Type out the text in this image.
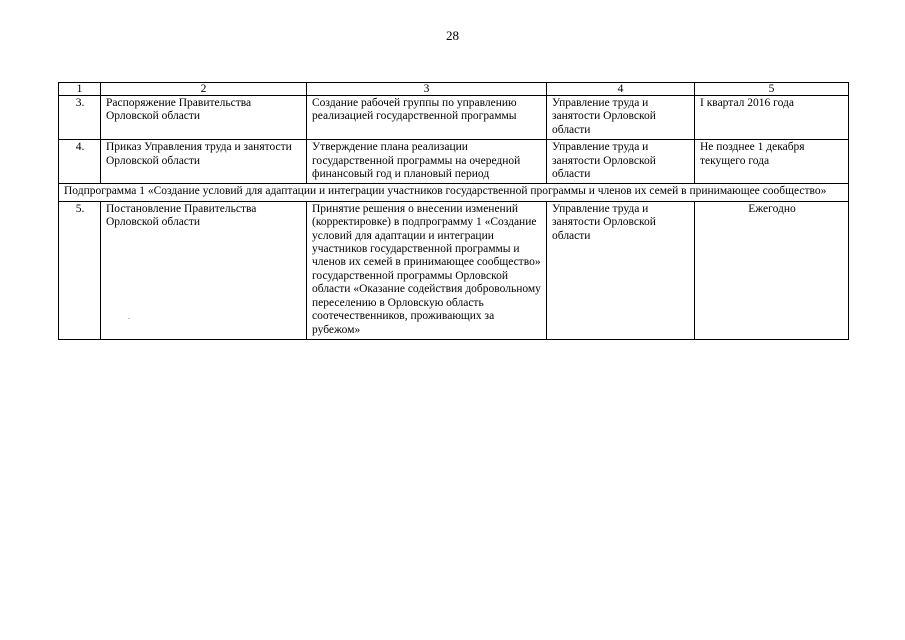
28
1	2	3	4	5
3.	Распоряжение Правительства Орловской области	Создание рабочей группы по управлению реализацией государственной программы	Управление труда и занятости Орловской области	I квартал 2016 года
4.	Приказ Управления труда и занятости Орловской области	Утверждение плана реализации государственной программы на очередной финансовый год и плановый период	Управление труда и занятости Орловской области	Не позднее 1 декабря текущего года
Подпрограмма 1 «Создание условий для адаптации и интеграции участников государственной программы и членов их семей в принимающее сообщество»				
5.	Постановление Правительства Орловской области	Принятие решения о внесении изменений (корректировке) в подпрограмму 1 «Создание условий для адаптации и интеграции участников государственной программы и членов их семей в принимающее сообщество» государственной программы Орловской области «Оказание содействия добровольному переселению в Орловскую область соотечественников, проживающих за рубежом»	Управление труда и занятости Орловской области	Ежегодно
